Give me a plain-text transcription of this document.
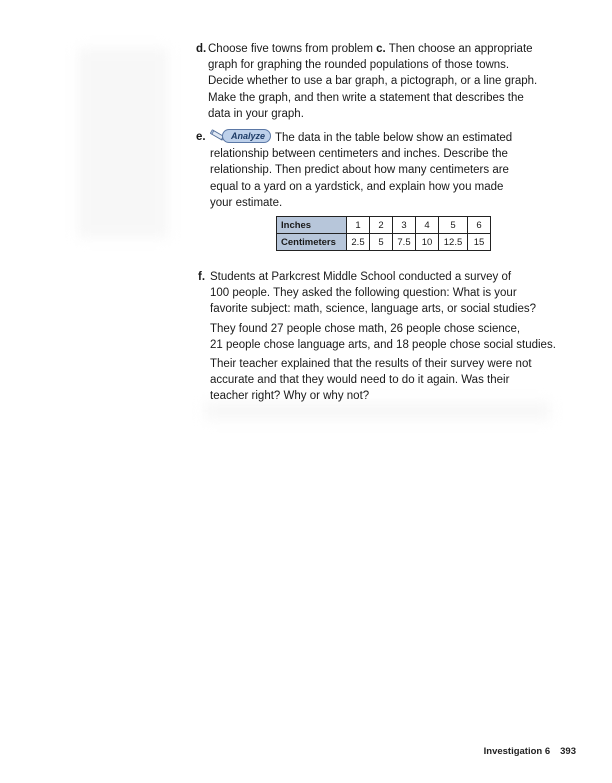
d. Choose five towns from problem c. Then choose an appropriate
graph for graphing the rounded populations of those towns.
Decide whether to use a bar graph, a pictograph, or a line graph.
Make the graph, and then write a statement that describes the
data in your graph.
e.	Analyze The data in the table below show an estimated
relationship between centimeters and inches. Describe the
relationship. Then predict about how many centimeters are
equal to a yard on a yardstick, and explain how you made
your estimate.
Inches	1	2	3	4	5	6
Centimeters	2.5	5	7.5	10	12.5	15
f. Students at Parkcrest Middle School conducted a survey of
100 people. They asked the following question: What is your
favorite subject: math, science, language arts, or social studies?

They found 27 people chose math, 26 people chose science,
21 people chose language arts, and 18 people chose social studies.

Their teacher explained that the results of their survey were not
accurate and that they would need to do it again. Was their
teacher right? Why or why not?

Investigation 6 393
